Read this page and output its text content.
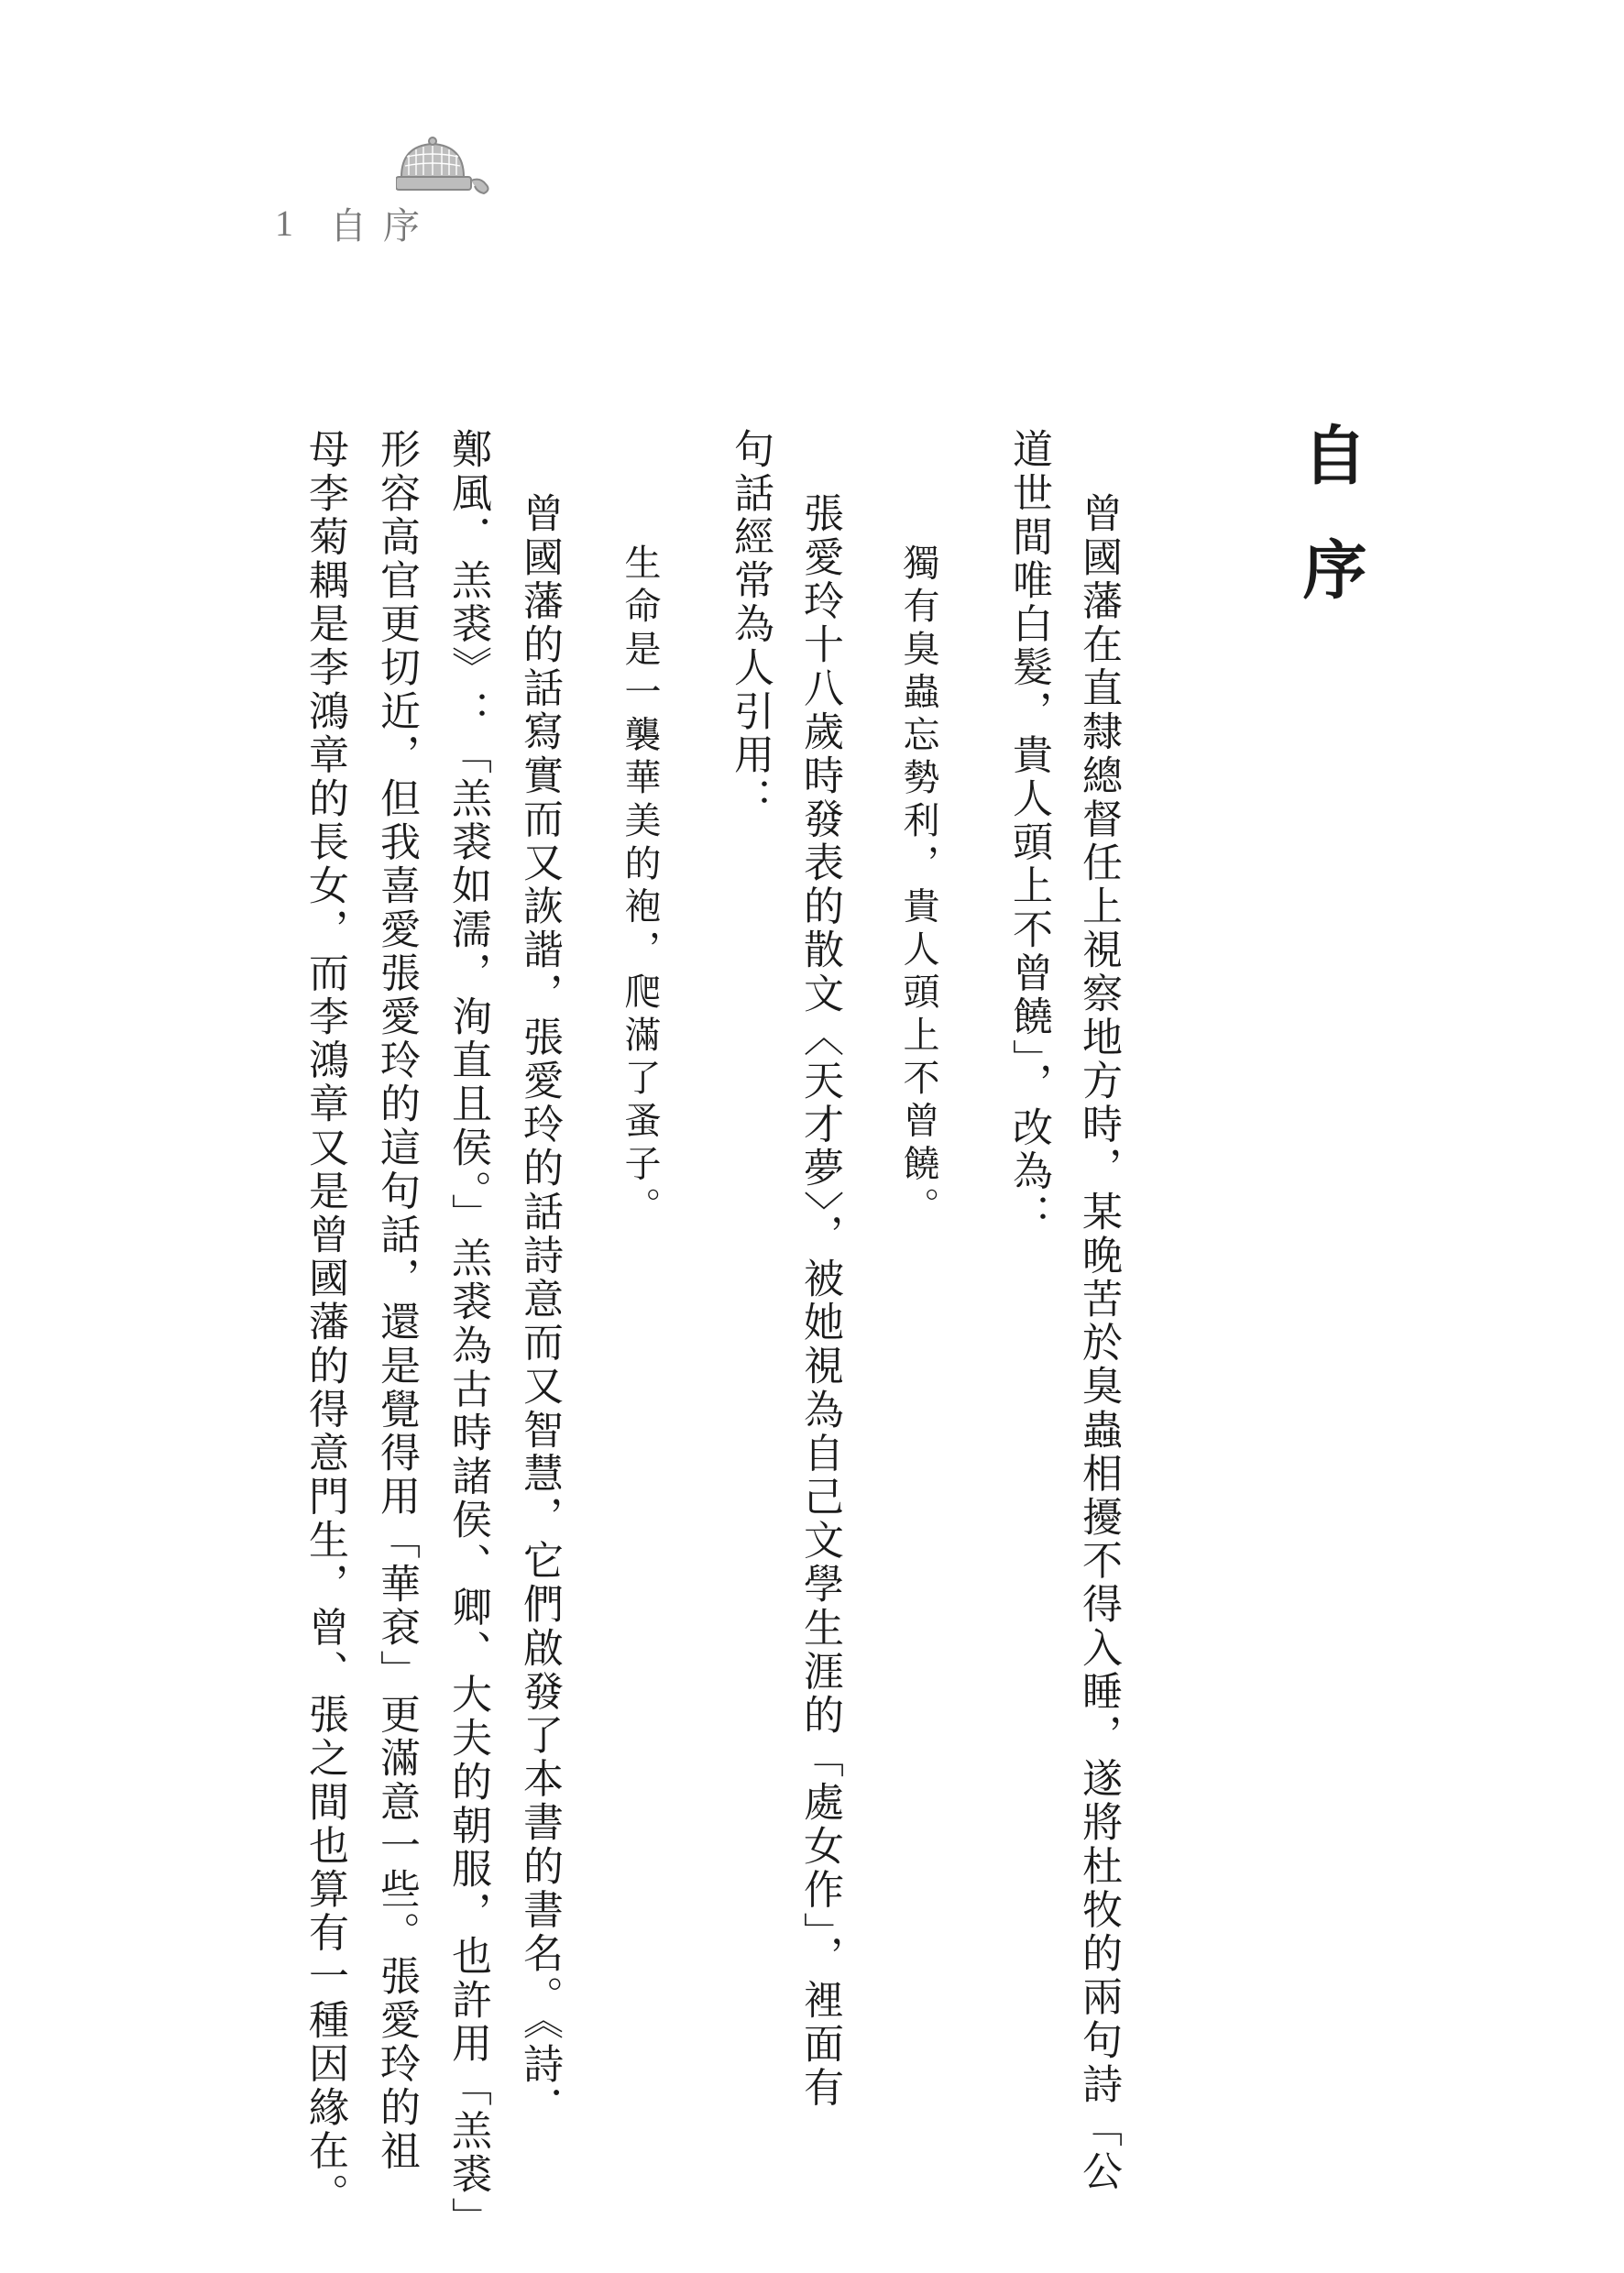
1 自序
自序
曾國藩在直隸總督任上視察地方時，某晚苦於臭蟲相擾不得入睡，遂將杜牧的兩句詩「公
道世間唯白髮，貴人頭上不曾饒」，改為：
獨有臭蟲忘勢利，貴人頭上不曾饒。
張愛玲十八歲時發表的散文〈天才夢〉，被她視為自己文學生涯的「處女作」，裡面有
句話經常為人引用：
生命是一襲華美的袍，爬滿了蚤子。
曾國藩的話寫實而又詼諧，張愛玲的話詩意而又智慧，它們啟發了本書的書名。《詩．
鄭風．羔裘》：「羔裘如濡，洵直且侯。」羔裘為古時諸侯、卿、大夫的朝服，也許用「羔裘」
形容高官更切近，但我喜愛張愛玲的這句話，還是覺得用「華袞」更滿意一些。張愛玲的祖
母李菊耦是李鴻章的長女，而李鴻章又是曾國藩的得意門生，曾、張之間也算有一種因緣在。
